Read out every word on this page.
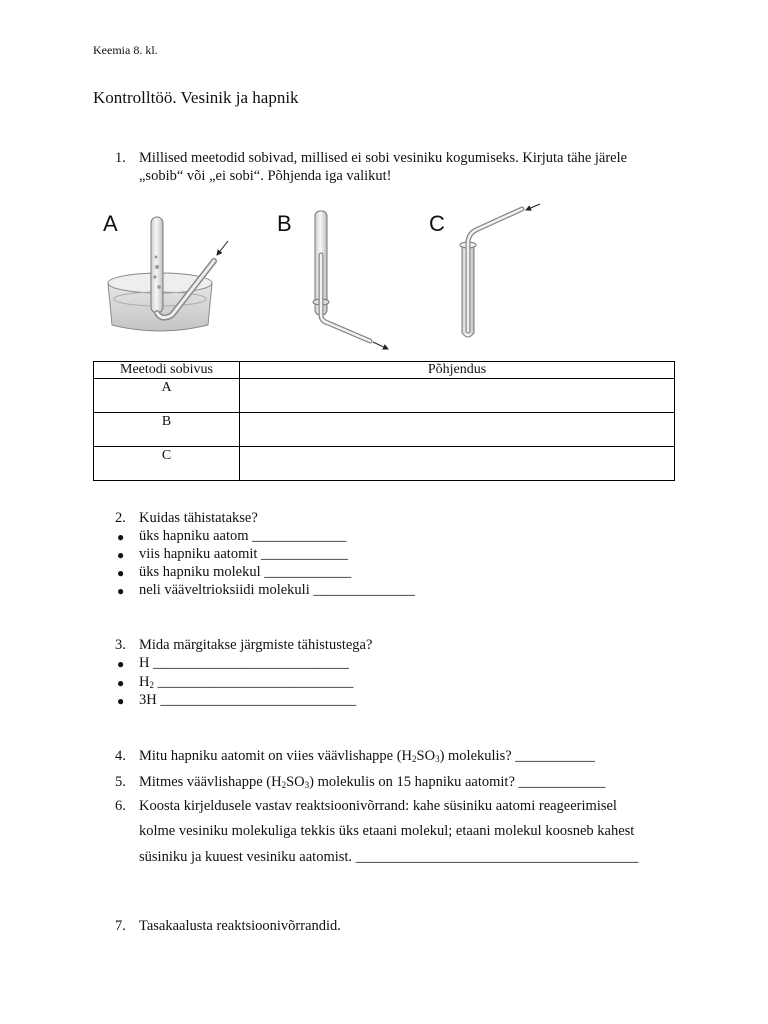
Keemia 8. kl.
Kontrolltöö. Vesinik ja hapnik
1. Millised meetodid sobivad, millised ei sobi vesiniku kogumiseks. Kirjuta tähe järele
„sobib“ või „ei sobi“. Põhjenda iga valikut!
A	B	C
Meetodi sobivus	Põhjendus
A	
B	
C	
2. Kuidas tähistatakse?
● üks hapniku aatom _____________
● viis hapniku aatomit ____________
● üks hapniku molekul ____________
● neli vääveltrioksiidi molekuli ______________
3. Mida märgitakse järgmiste tähistustega?
● H ___________________________
● $H_2$ ___________________________
● 3H ___________________________
4. Mitu hapniku aatomit on viies väävlishappe $(H_2SO_3)$ molekulis? ___________
5. Mitmes väävlishappe $(H_2SO_3)$ molekulis on 15 hapniku aatomit? ____________
6. Koosta kirjeldusele vastav reaktsioonivõrrand: kahe süsiniku aatomi reageerimisel
kolme vesiniku molekuliga tekkis üks etaani molekul; etaani molekul koosneb kahest
süsiniku ja kuuest vesiniku aatomist. _______________________________________
7. Tasakaalusta reaktsioonivõrrandid.
